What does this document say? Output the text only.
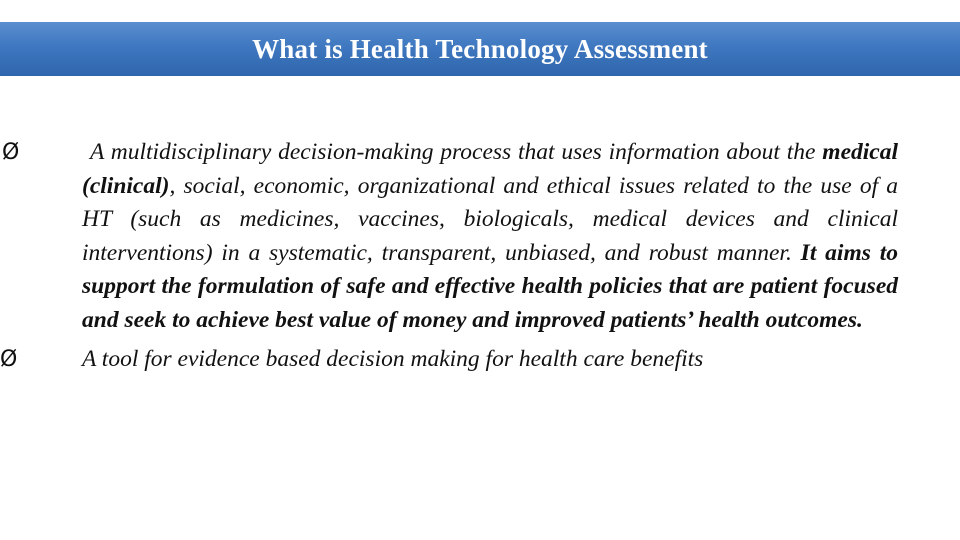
What is Health Technology Assessment
Ø	A multidisciplinary decision-making process that uses information about the medical (clinical), social, economic, organizational and ethical issues related to the use of a HT (such as medicines, vaccines, biologicals, medical devices and clinical interventions) in a systematic, transparent, unbiased, and robust manner. It aims to support the formulation of safe and effective health policies that are patient focused and seek to achieve best value of money and improved patients’ health outcomes.
Ø	A tool for evidence based decision making for health care benefits
